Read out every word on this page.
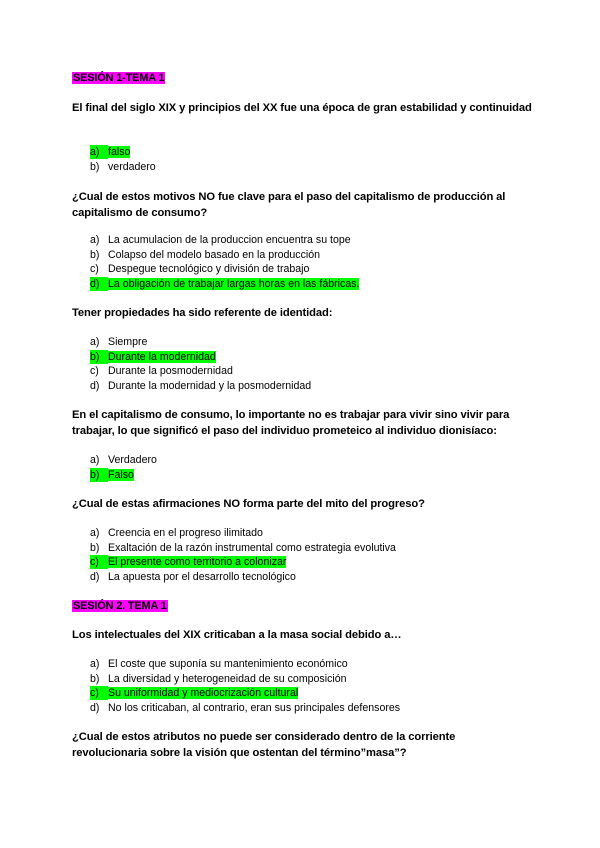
SESIÓN 1-TEMA 1
El final del siglo XIX y principios del XX fue una época de gran estabilidad y continuidad
a) falso
b) verdadero
¿Cual de estos motivos NO fue clave para el paso del capitalismo de producción al capitalismo de consumo?
a) La acumulacion de la produccion encuentra su tope
b) Colapso del modelo basado en la producción
c) Despegue tecnológico y división de trabajo
d) La obligación de trabajar largas horas en las fábricas.
Tener propiedades ha sido referente de identidad:
a) Siempre
b) Durante la modernidad
c) Durante la posmodernidad
d) Durante la modernidad y la posmodernidad
En el capitalismo de consumo, lo importante no es trabajar para vivir sino vivir para trabajar, lo que significó el paso del individuo prometeico al individuo dionisíaco:
a) Verdadero
b) Falso
¿Cual de estas afirmaciones NO forma parte del mito del progreso?
a) Creencia en el progreso ilimitado
b) Exaltación de la razón instrumental como estrategia evolutiva
c) El presente como territorio a colonizar
d) La apuesta por el desarrollo tecnológico
SESIÓN 2. TEMA 1
Los intelectuales del XIX criticaban a la masa social debido a…
a) El coste que suponía su mantenimiento económico
b) La diversidad y heterogeneidad de su composición
c) Su uniformidad y mediocrización cultural
d) No los criticaban, al contrario, eran sus principales defensores
¿Cual de estos atributos no puede ser considerado dentro de la corriente revolucionaria sobre la visión que ostentan del término”masa”?
